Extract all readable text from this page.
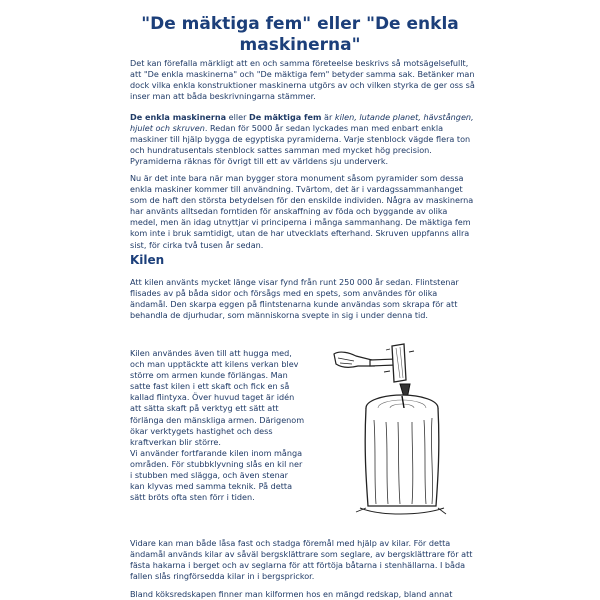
"De mäktiga fem" eller "De enkla
maskinerna"

Det kan förefalla märkligt att en och samma företeelse beskrivs så motsägelsefullt, att "De enkla maskinerna" och "De mäktiga fem" betyder samma sak. Betänker man dock vilka enkla konstruktioner maskinerna utgörs av och vilken styrka de ger oss så inser man att båda beskrivningarna stämmer.

De enkla maskinerna eller De mäktiga fem är kilen, lutande planet, hävstången, hjulet och skruven. Redan för 5000 år sedan lyckades man med enbart enkla maskiner till hjälp bygga de egyptiska pyramiderna. Varje stenblock vägde flera ton och hundratusentals stenblock sattes samman med mycket hög precision. Pyramiderna räknas för övrigt till ett av världens sju underverk.

Nu är det inte bara när man bygger stora monument såsom pyramider som dessa enkla maskiner kommer till användning. Tvärtom, det är i vardagssammanhanget som de haft den största betydelsen för den enskilde individen. Några av maskinerna har använts alltsedan forntiden för anskaffning av föda och byggande av olika medel, men än idag utnyttjar vi principerna i många sammanhang. De mäktiga fem kom inte i bruk samtidigt, utan de har utvecklats efterhand. Skruven uppfanns allra sist, för cirka två tusen år sedan.

Kilen

Att kilen använts mycket länge visar fynd från runt 250 000 år sedan. Flintstenar flisades av på båda sidor och försågs med en spets, som användes för olika ändamål. Den skarpa eggen på flintstenarna kunde användas som skrapa för att behandla de djurhudar, som människorna svepte in sig i under denna tid.

Kilen användes även till att hugga med, och man upptäckte att kilens verkan blev större om armen kunde förlängas. Man satte fast kilen i ett skaft och fick en så kallad flintyxa. Över huvud taget är idén att sätta skaft på verktyg ett sätt att förlänga den mänskliga armen. Därigenom ökar verktygets hastighet och dess kraftverkan blir större.

Vi använder fortfarande kilen inom många områden. För stubbklyvning slås en kil ner i stubben med slägga, och även stenar kan klyvas med samma teknik. På detta sätt bröts ofta sten förr i tiden.

Vidare kan man både låsa fast och stadga föremål med hjälp av kilar. För detta ändamål används kilar av såväl bergsklättrare som seglare, av bergsklättrare för att fästa hakarna i berget och av seglarna för att förtöja båtarna i stenhällarna. I båda fallen slås ringförsedda kilar in i bergsprickor.

Bland köksredskapen finner man kilformen hos en mängd redskap, bland annat
